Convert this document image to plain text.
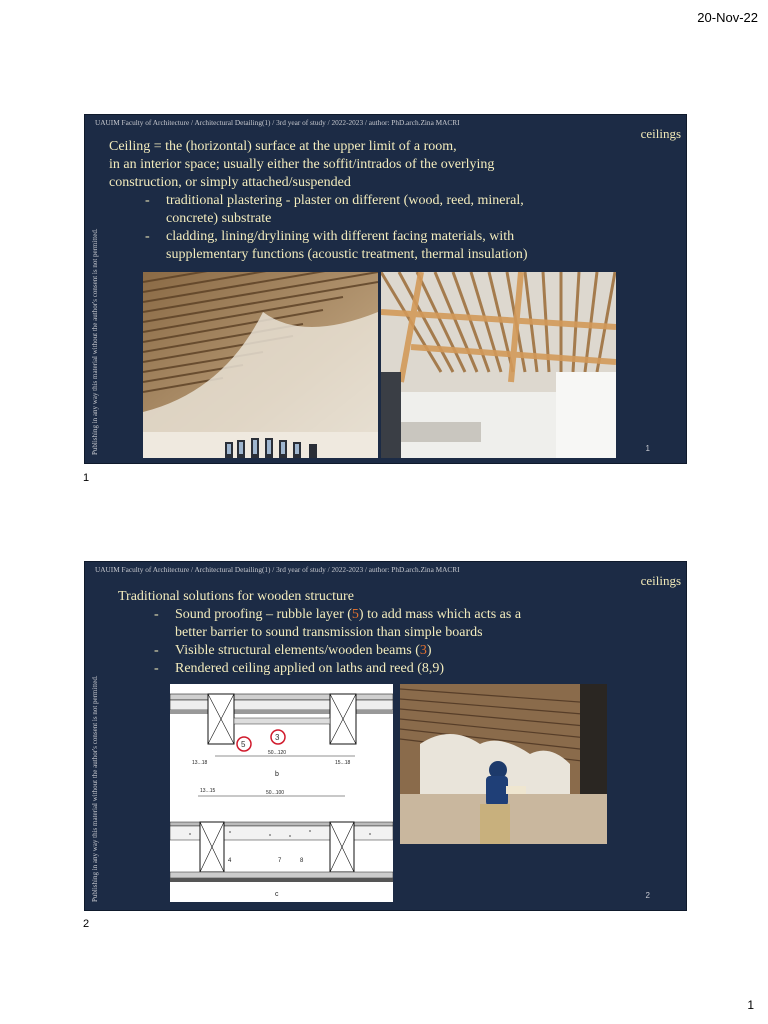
20-Nov-22
UAUIM Faculty of Architecture / Architectural Detailing(1) / 3rd year of study / 2022-2023 / author: PhD.arch.Zina MACRI
ceilings
Publishing in any way this material without the author's consent is not permitted.

Ceiling = the (horizontal) surface at the upper limit of a room,

in an interior space; usually either the soffit/intrados of the overlying

construction, or simply attached/suspended

- traditional plastering - plaster on different (wood, reed, mineral,

concrete) substrate

- cladding, lining/drylining with different facing materials, with

supplementary functions (acoustic treatment, thermal insulation)

1
1
UAUIM Faculty of Architecture / Architectural Detailing(1) / 3rd year of study / 2022-2023 / author: PhD.arch.Zina MACRI
ceilings
Publishing in any way this material without the author's consent is not permitted.

Traditional solutions for wooden structure

- Sound proofing – rubble layer (5) to add mass which acts as a

better barrier to sound transmission than simple boards

- Visible structural elements/wooden beams (3)

- Rendered ceiling applied on laths and reed (8,9)

5
3
50...120
13...18	15...18
b
50...100
13...15
4	7	8
c	2
2
1
